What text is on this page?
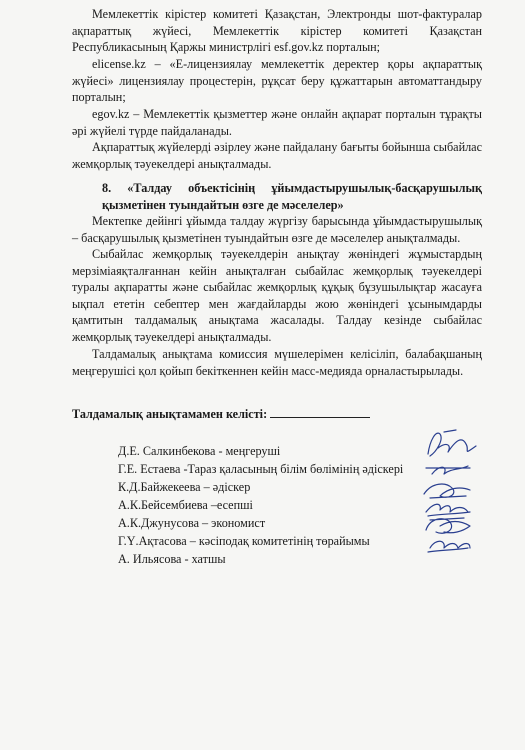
Мемлекеттік кірістер комитеті Қазақстан, Электронды шот-фактуралар ақпараттық жүйесі, Мемлекеттік кірістер комитеті Қазақстан Республикасының Қаржы министрлігі esf.gov.kz порталын;

elicense.kz – «Е-лицензиялау мемлекеттік деректер қоры ақпараттық жүйесі» лицензиялау процестерін, рұқсат беру құжаттарын автоматтандыру порталын;

egov.kz – Мемлекеттік қызметтер және онлайн ақпарат порталын тұрақты әрі жүйелі түрде пайдаланады.

Ақпараттық жүйелерді әзірлеу және пайдалану бағыты бойынша сыбайлас жемқорлық тәуекелдері анықталмады.

8. «Талдау объектісінің ұйымдастырушылық-басқарушылық қызметінен туындайтын өзге де мәселелер»

Мектепке дейінгі ұйымда талдау жүргізу барысында ұйымдастырушылық – басқарушылық қызметінен туындайтын өзге де мәселелер анықталмады.

Сыбайлас жемқорлық тәуекелдерін анықтау жөніндегі жұмыстардың мерзіміаяқталғаннан кейін анықталған сыбайлас жемқорлық тәуекелдері туралы ақпаратты және сыбайлас жемқорлық құқық бұзушылықтар жасауға ықпал ететін себептер мен жағдайларды жою жөніндегі ұсынымдарды қамтитын талдамалық анықтама жасалады. Талдау кезінде сыбайлас жемқорлық тәуекелдері анықталмады.

Талдамалық анықтама комиссия мүшелерімен келісіліп, балабақшаның меңгерушісі қол қойып бекіткеннен кейін масс-медияда орналастырылады.

Талдамалық анықтамамен келісті:
Д.Е. Салкинбекова - меңгеруші
Г.Е. Естаева -Тараз қаласының білім бөлімінің әдіскері
К.Д.Байжекеева – әдіскер
А.К.Бейсембиева –есепші
А.К.Джунусова – экономист
Г.Ү.Ақтасова – кәсіподақ комитетінің төрайымы
А. Ильясова - хатшы
